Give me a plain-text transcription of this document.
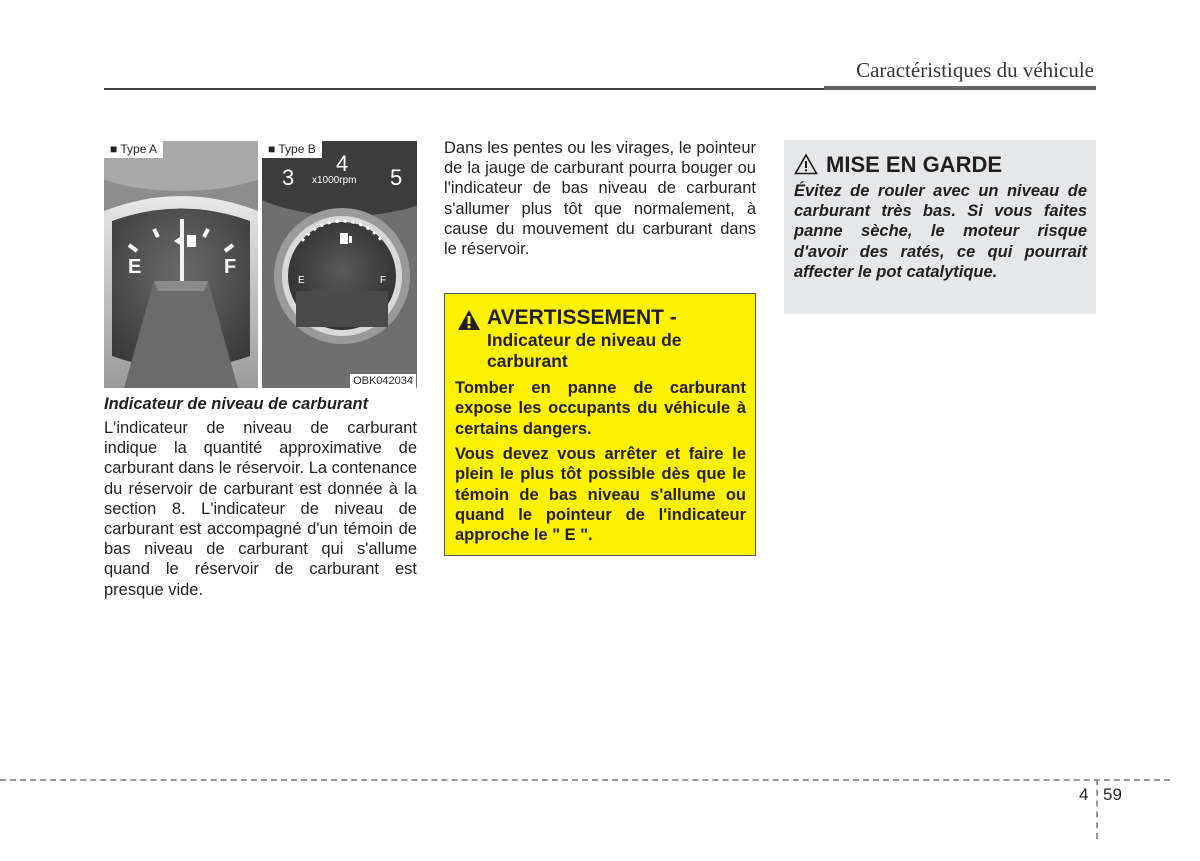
Caractéristiques du véhicule
E	F
■ Type A
3
4
5
x1000rpm
E	F
■ Type B
OBK042034
Indicateur de niveau de carburant
L'indicateur de niveau de carburant indique la quantité approximative de carburant dans le réservoir. La contenance du réservoir de carburant est donnée à la section 8. L'indicateur de niveau de carburant est accompagné d'un témoin de bas niveau de carburant qui s'allume quand le réservoir de carburant est presque vide.
Dans les pentes ou les virages, le pointeur de la jauge de carburant pourra bouger ou l'indicateur de bas niveau de carburant s'allumer plus tôt que normalement, à cause du mouvement du carburant dans le réservoir.
AVERTISSEMENT -
Indicateur de niveau de carburant
Tomber en panne de carburant expose les occupants du véhicule à certains dangers.
Vous devez vous arrêter et faire le plein le plus tôt possible dès que le témoin de bas niveau s'allume ou quand le pointeur de l'indicateur approche le " E ".
MISE EN GARDE
Évitez de rouler avec un niveau de carburant très bas. Si vous faites panne sèche, le moteur risque d'avoir des ratés, ce qui pourrait affecter le pot catalytique.
4 59
